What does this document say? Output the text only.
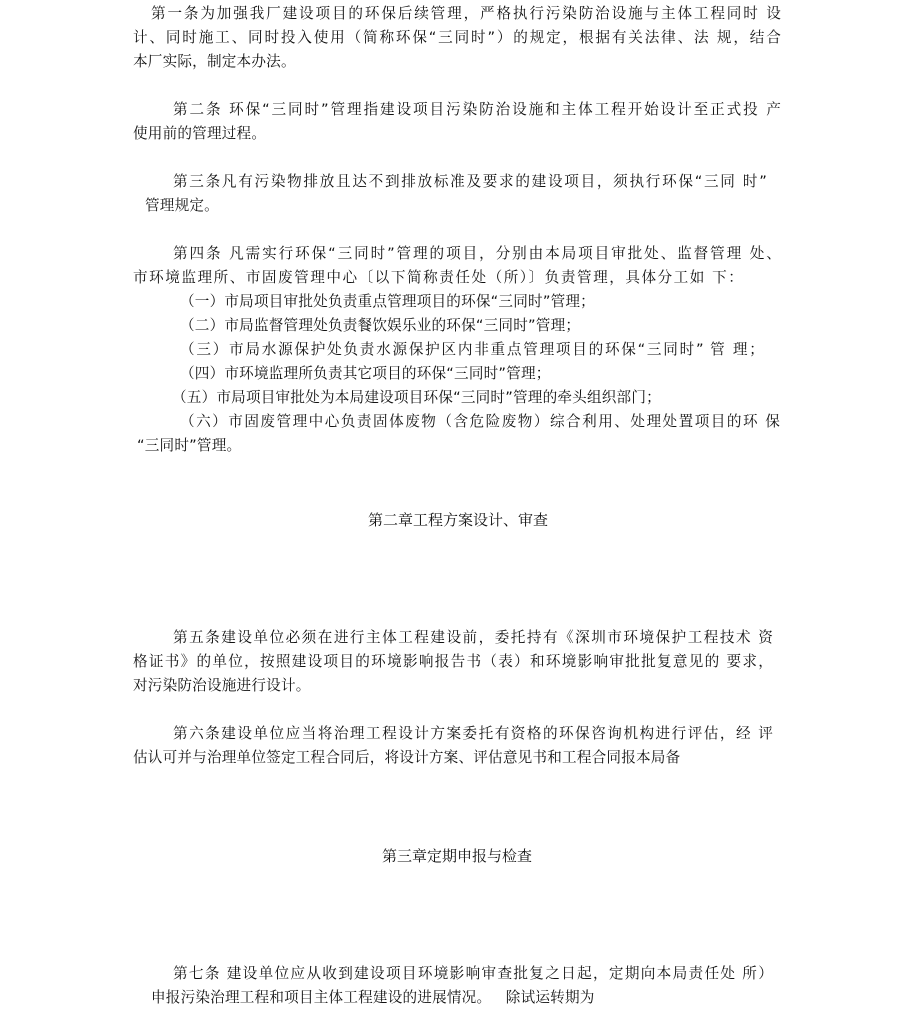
第一条为加强我厂建设项目的环保后续管理，严格执行污染防治设施与主体工程同时 设
计、同时施工、同时投入使用（简称环保“三同时”）的规定，根据有关法律、法 规，结合
本厂实际，制定本办法。
第二条 环保“三同时”管理指建设项目污染防治设施和主体工程开始设计至正式投 产
使用前的管理过程。
第三条凡有污染物排放且达不到排放标准及要求的建设项目，须执行环保“三同 时”
管理规定。
第四条 凡需实行环保“三同时”管理的项目，分别由本局项目审批处、监督管理 处、
市环境监理所、市固废管理中心〔以下简称责任处（所）〕负责管理，具体分工如 下：
（一）市局项目审批处负责重点管理项目的环保“三同时”管理；
（二）市局监督管理处负责餐饮娱乐业的环保“三同时”管理；
（三）市局水源保护处负责水源保护区内非重点管理项目的环保“三同时” 管 理；
（四）市环境监理所负责其它项目的环保“三同时”管理；
（五）市局项目审批处为本局建设项目环保“三同时”管理的牵头组织部门；
（六）市固废管理中心负责固体废物（含危险废物）综合利用、处理处置项目的环 保
“三同时”管理。
第二章工程方案设计、审查
第五条建设单位必须在进行主体工程建设前，委托持有《深圳市环境保护工程技术 资
格证书》的单位，按照建设项目的环境影响报告书（表）和环境影响审批批复意见的 要求，
对污染防治设施进行设计。
第六条建设单位应当将治理工程设计方案委托有资格的环保咨询机构进行评估，经 评
估认可并与治理单位签定工程合同后，将设计方案、评估意见书和工程合同报本局备
第三章定期申报与检查
第七条 建设单位应从收到建设项目环境影响审查批复之日起，定期向本局责任处 所）
申报污染治理工程和项目主体工程建设的进展情况。   除试运转期为
